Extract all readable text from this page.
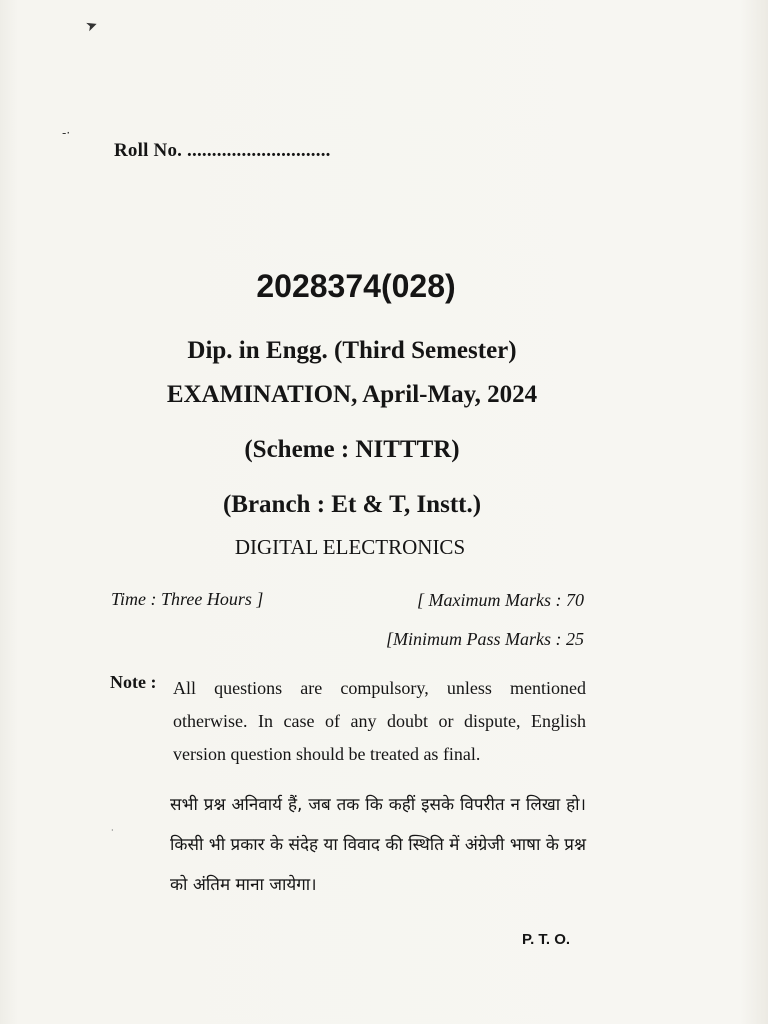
➤
‐·
·
Roll No. .............................
2028374(028)
Dip. in Engg. (Third Semester)
EXAMINATION, April-May, 2024
(Scheme : NITTTR)
(Branch : Et & T, Instt.)
DIGITAL ELECTRONICS
Time : Three Hours ]	[ Maximum Marks : 70
[Minimum Pass Marks : 25
Note : All questions are compulsory, unless mentioned otherwise. In case of any doubt or dispute, English version question should be treated as final.
सभी प्रश्न अनिवार्य हैं, जब तक कि कहीं इसके विपरीत न लिखा हो। किसी भी प्रकार के संदेह या विवाद की स्थिति में अंग्रेजी भाषा के प्रश्न को अंतिम माना जायेगा।
P. T. O.
